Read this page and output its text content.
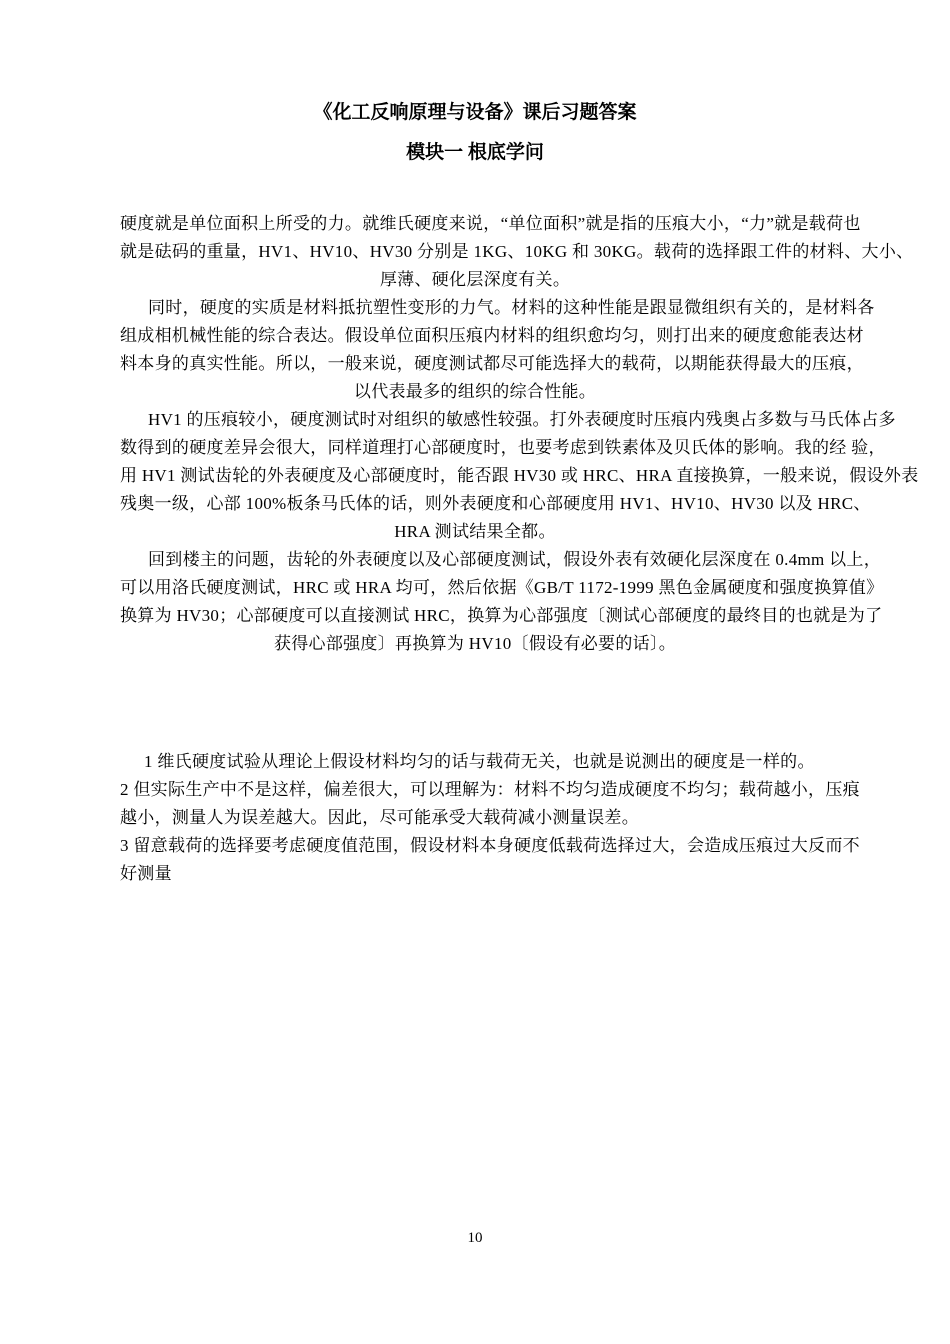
《化工反响原理与设备》课后习题答案
模块一 根底学问
硬度就是单位面积上所受的力。就维氏硬度来说，“单位面积”就是指的压痕大小，“力”就是载荷也
就是砝码的重量，HV1、HV10、HV30 分别是 1KG、10KG 和 30KG。载荷的选择跟工件的材料、大小、
厚薄、硬化层深度有关。
同时，硬度的实质是材料抵抗塑性变形的力气。材料的这种性能是跟显微组织有关的，是材料各
组成相机械性能的综合表达。假设单位面积压痕内材料的组织愈均匀，则打出来的硬度愈能表达材
料本身的真实性能。所以，一般来说，硬度测试都尽可能选择大的载荷，以期能获得最大的压痕，
以代表最多的组织的综合性能。
HV1 的压痕较小，硬度测试时对组织的敏感性较强。打外表硬度时压痕内残奥占多数与马氏体占多
数得到的硬度差异会很大，同样道理打心部硬度时，也要考虑到铁素体及贝氏体的影响。我的经 验，
用 HV1 测试齿轮的外表硬度及心部硬度时，能否跟 HV30 或 HRC、HRA 直接换算，一般来说，假设外表
残奥一级，心部 100%板条马氏体的话，则外表硬度和心部硬度用 HV1、HV10、HV30 以及 HRC、
HRA 测试结果全都。
回到楼主的问题，齿轮的外表硬度以及心部硬度测试，假设外表有效硬化层深度在 0.4mm 以上，
可以用洛氏硬度测试，HRC 或 HRA 均可，然后依据《GB/T 1172-1999 黑色金属硬度和强度换算值》
换算为 HV30；心部硬度可以直接测试 HRC，换算为心部强度〔测试心部硬度的最终目的也就是为了
获得心部强度〕再换算为 HV10〔假设有必要的话〕。
1 维氏硬度试验从理论上假设材料均匀的话与载荷无关，也就是说测出的硬度是一样的。
2 但实际生产中不是这样，偏差很大，可以理解为：材料不均匀造成硬度不均匀；载荷越小，压痕
越小，测量人为误差越大。因此，尽可能承受大载荷减小测量误差。
3 留意载荷的选择要考虑硬度值范围，假设材料本身硬度低载荷选择过大，会造成压痕过大反而不
好测量
10
